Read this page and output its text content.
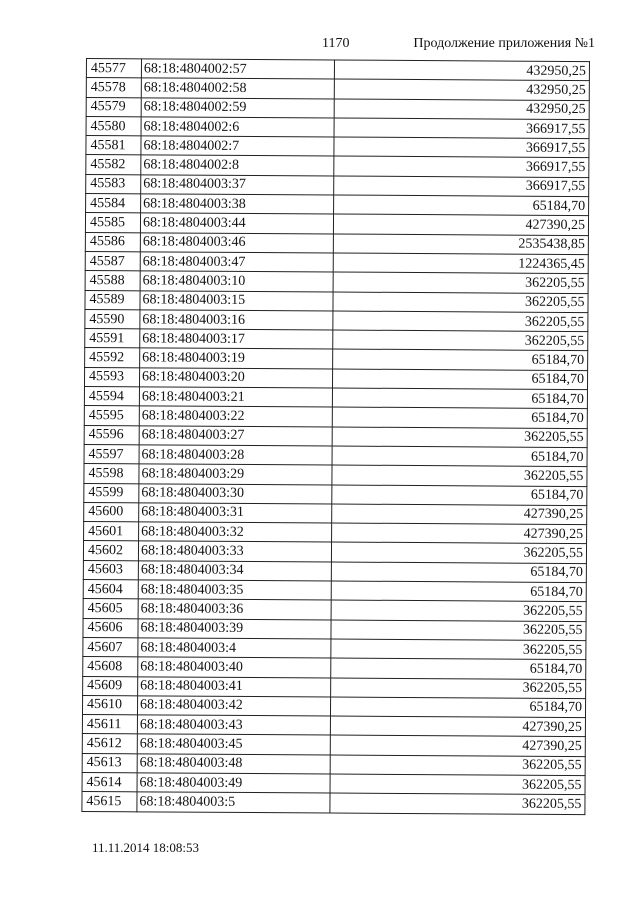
1170	Продолжение приложения №1
45577	68:18:4804002:57	432950,25
45578	68:18:4804002:58	432950,25
45579	68:18:4804002:59	432950,25
45580	68:18:4804002:6	366917,55
45581	68:18:4804002:7	366917,55
45582	68:18:4804002:8	366917,55
45583	68:18:4804003:37	366917,55
45584	68:18:4804003:38	65184,70
45585	68:18:4804003:44	427390,25
45586	68:18:4804003:46	2535438,85
45587	68:18:4804003:47	1224365,45
45588	68:18:4804003:10	362205,55
45589	68:18:4804003:15	362205,55
45590	68:18:4804003:16	362205,55
45591	68:18:4804003:17	362205,55
45592	68:18:4804003:19	65184,70
45593	68:18:4804003:20	65184,70
45594	68:18:4804003:21	65184,70
45595	68:18:4804003:22	65184,70
45596	68:18:4804003:27	362205,55
45597	68:18:4804003:28	65184,70
45598	68:18:4804003:29	362205,55
45599	68:18:4804003:30	65184,70
45600	68:18:4804003:31	427390,25
45601	68:18:4804003:32	427390,25
45602	68:18:4804003:33	362205,55
45603	68:18:4804003:34	65184,70
45604	68:18:4804003:35	65184,70
45605	68:18:4804003:36	362205,55
45606	68:18:4804003:39	362205,55
45607	68:18:4804003:4	362205,55
45608	68:18:4804003:40	65184,70
45609	68:18:4804003:41	362205,55
45610	68:18:4804003:42	65184,70
45611	68:18:4804003:43	427390,25
45612	68:18:4804003:45	427390,25
45613	68:18:4804003:48	362205,55
45614	68:18:4804003:49	362205,55
45615	68:18:4804003:5	362205,55
11.11.2014 18:08:53
